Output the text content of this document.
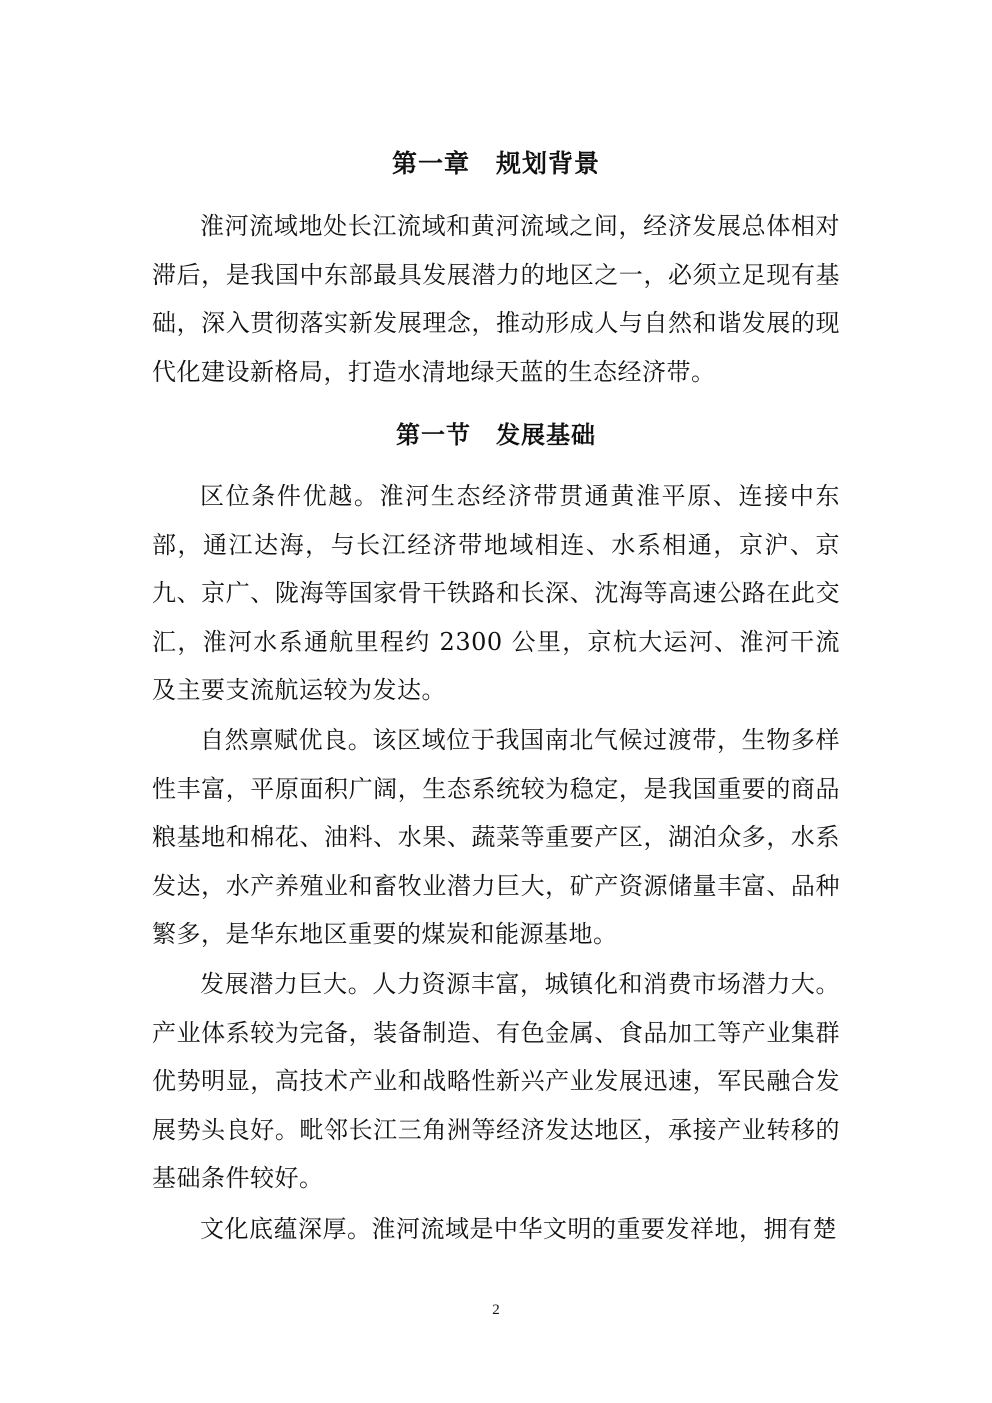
第一章　规划背景

淮河流域地处长江流域和黄河流域之间，经济发展总体相对滞后，是我国中东部最具发展潜力的地区之一，必须立足现有基础，深入贯彻落实新发展理念，推动形成人与自然和谐发展的现代化建设新格局，打造水清地绿天蓝的生态经济带。

第一节　发展基础

区位条件优越。淮河生态经济带贯通黄淮平原、连接中东部，通江达海，与长江经济带地域相连、水系相通，京沪、京九、京广、陇海等国家骨干铁路和长深、沈海等高速公路在此交汇，淮河水系通航里程约 2300 公里，京杭大运河、淮河干流及主要支流航运较为发达。

自然禀赋优良。该区域位于我国南北气候过渡带，生物多样性丰富，平原面积广阔，生态系统较为稳定，是我国重要的商品粮基地和棉花、油料、水果、蔬菜等重要产区，湖泊众多，水系发达，水产养殖业和畜牧业潜力巨大，矿产资源储量丰富、品种繁多，是华东地区重要的煤炭和能源基地。

发展潜力巨大。人力资源丰富，城镇化和消费市场潜力大。产业体系较为完备，装备制造、有色金属、食品加工等产业集群优势明显，高技术产业和战略性新兴产业发展迅速，军民融合发展势头良好。毗邻长江三角洲等经济发达地区，承接产业转移的基础条件较好。

文化底蕴深厚。淮河流域是中华文明的重要发祥地，拥有楚

2
